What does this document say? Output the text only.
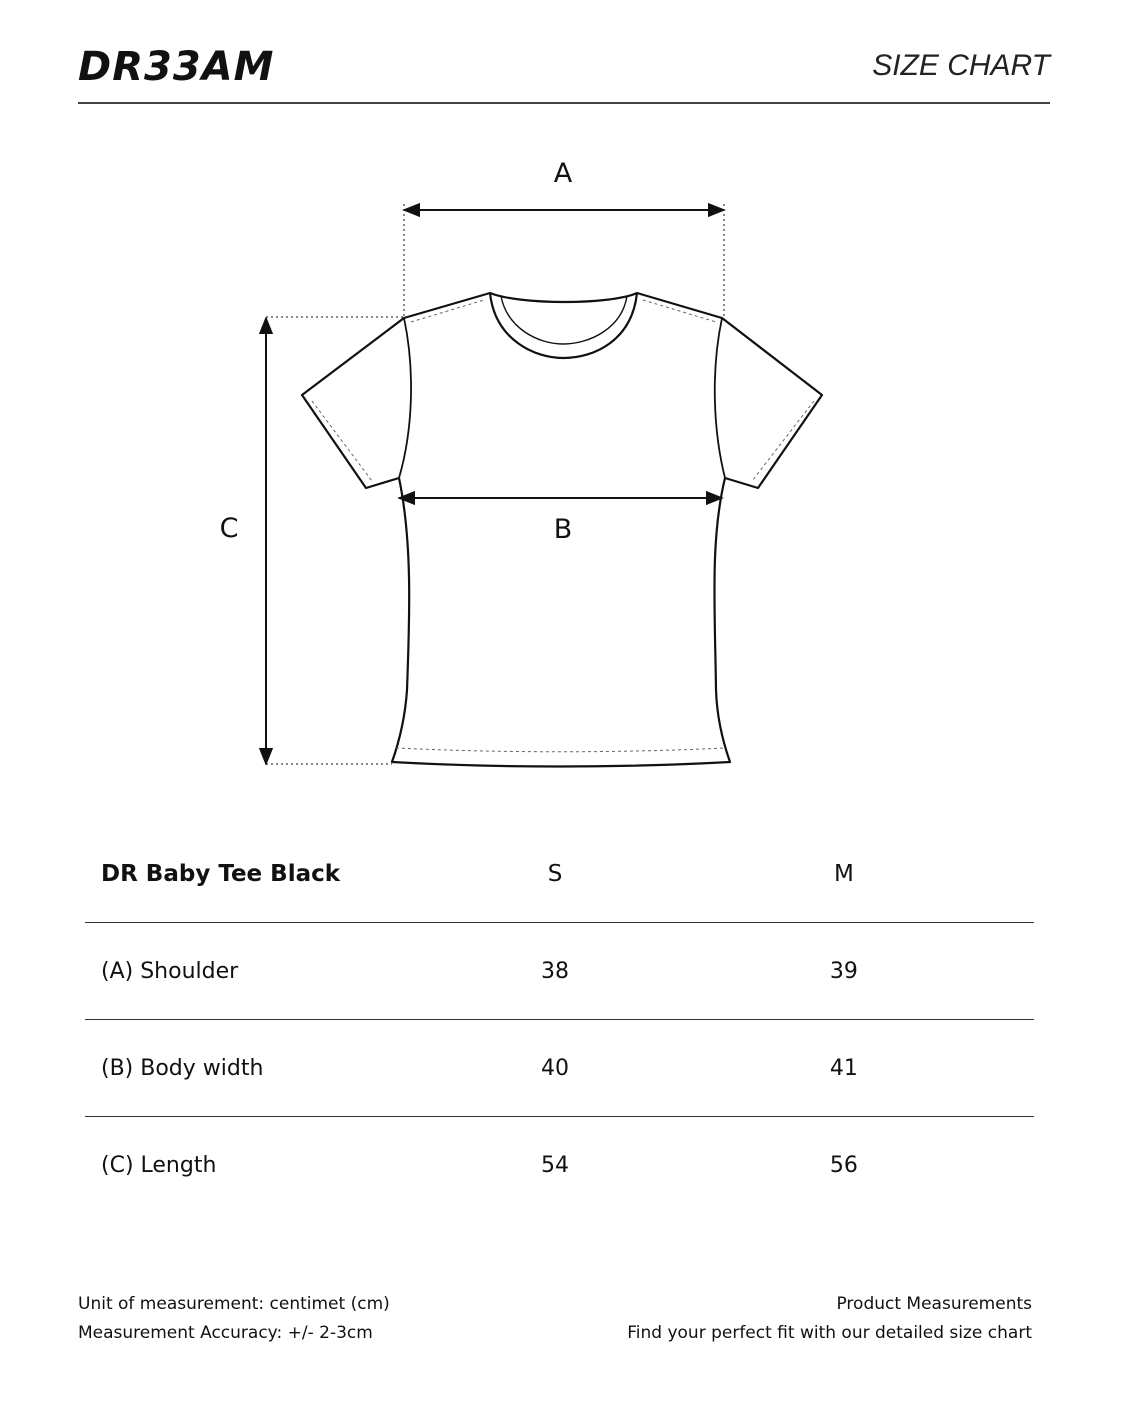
DR33AM	SIZE CHART
A
B
C
DR Baby Tee Black	S		M	
(A) Shoulder	38		39	
(B) Body width	40		41	
(C) Length	54		56	
Unit of measurement: centimet (cm)
Measurement Accuracy: +/- 2-3cm
Product Measurements
Find your perfect fit with our detailed size chart
